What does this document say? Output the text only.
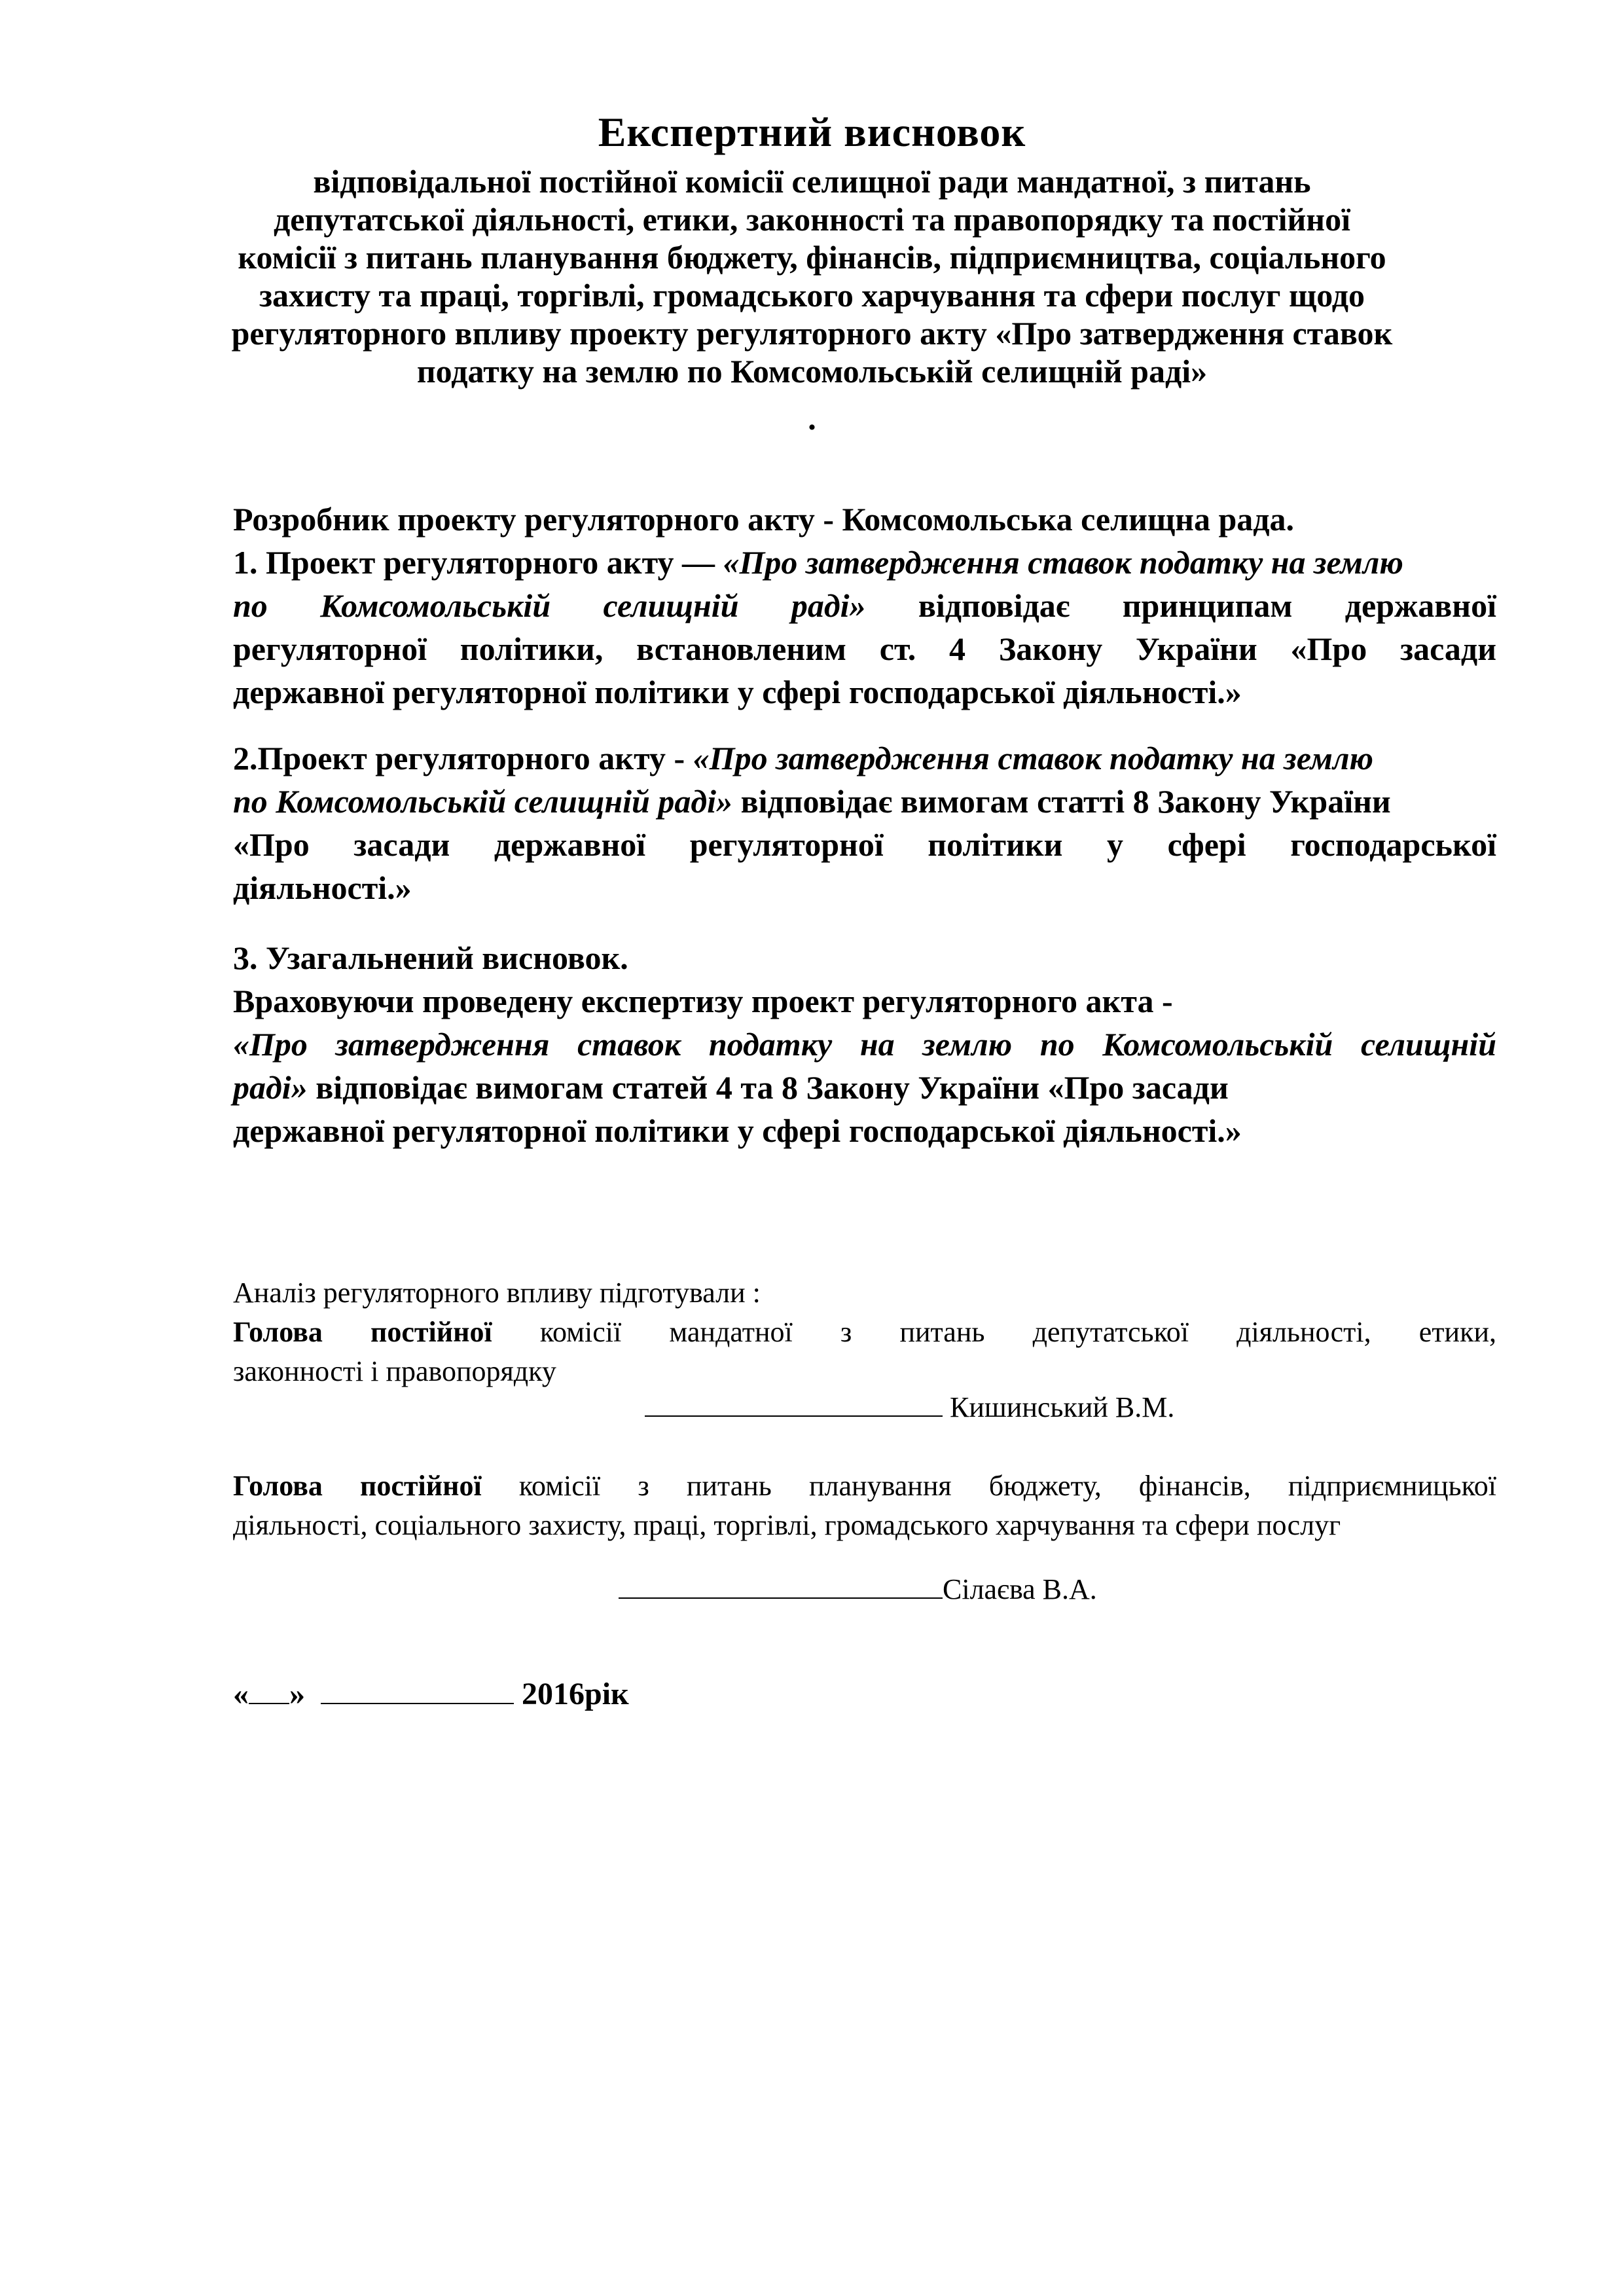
Експертний висновок
відповідальної постійної комісії селищної ради мандатної, з питань
депутатської діяльності, етики, законності та правопорядку та постійної
комісії з питань планування бюджету, фінансів, підприємництва, соціального
захисту та праці, торгівлі, громадського харчування та сфери послуг щодо
регуляторного впливу проекту регуляторного акту «Про затвердження ставок
податку на землю по Комсомольській селищній раді»
.
Розробник проекту регуляторного акту - Комсомольська селищна рада.
1. Проект регуляторного акту — «Про затвердження ставок податку на землю
по Комсомольській селищній раді» відповідає принципам державної
регуляторної політики, встановленим ст. 4 Закону України «Про засади
державної регуляторної політики у сфері господарської діяльності.»
2.Проект регуляторного акту - «Про затвердження ставок податку на землю
по Комсомольській селищній раді» відповідає вимогам статті 8 Закону України
«Про засади державної регуляторної політики у сфері господарської
діяльності.»
3. Узагальнений висновок.
Враховуючи проведену експертизу проект регуляторного акта -
«Про затвердження ставок податку на землю по Комсомольській селищній
раді» відповідає вимогам статей 4 та 8 Закону України «Про засади
державної регуляторної політики у сфері господарської діяльності.»
Аналіз регуляторного впливу підготували :
Голова постійної комісії мандатної з питань депутатської діяльності, етики,
законності і правопорядку
Кишинський В.М.
Голова постійної комісії з питань планування бюджету, фінансів, підприємницької
діяльності, соціального захисту, праці, торгівлі, громадського харчування та сфери послуг
Сілаєва В.А.
« »	2016рік
